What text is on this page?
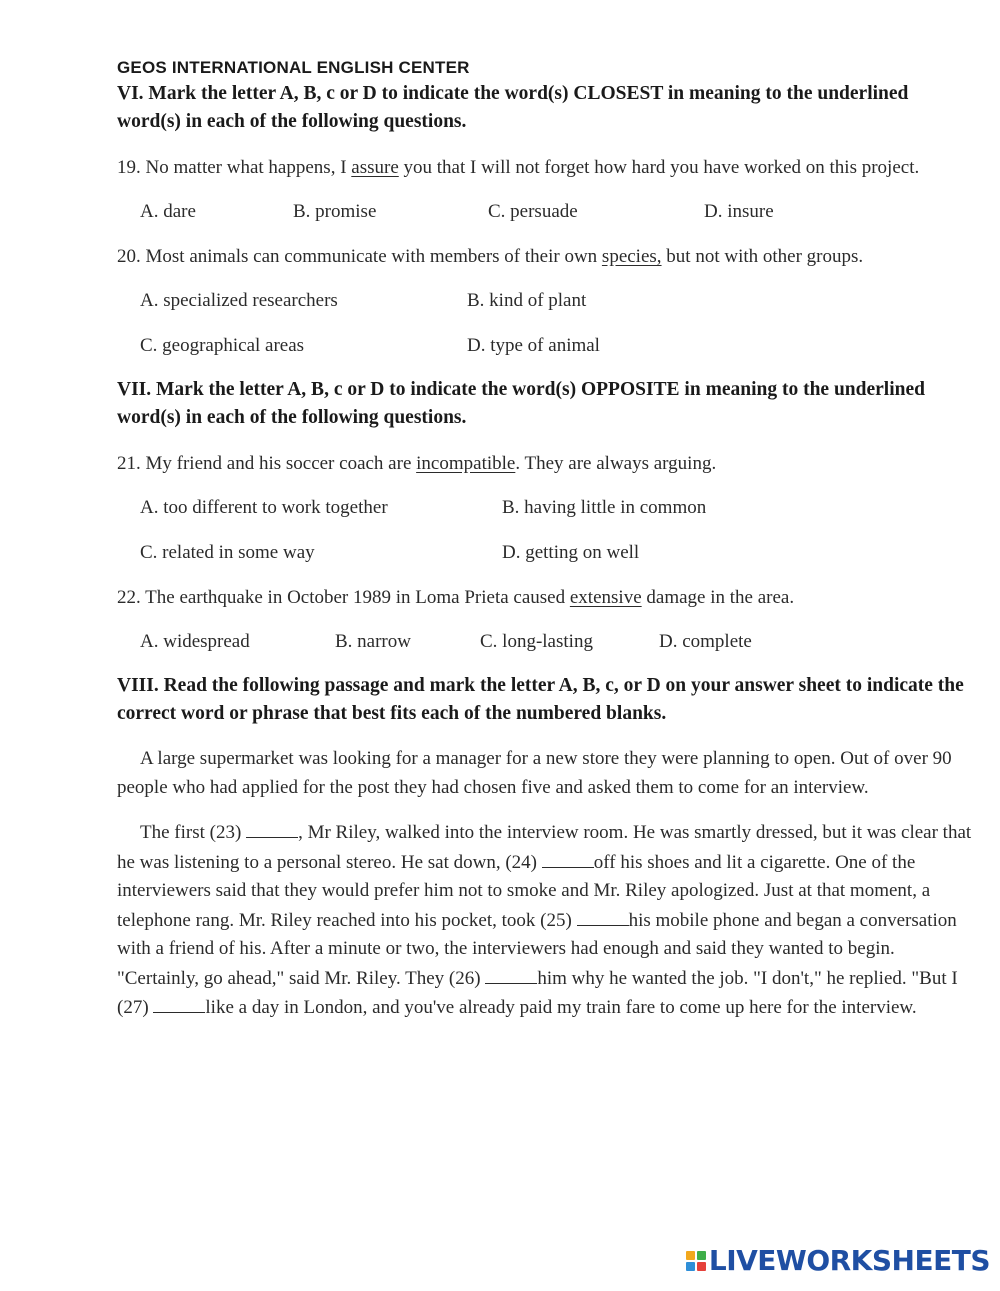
GEOS INTERNATIONAL ENGLISH CENTER
VI. Mark the letter A, B, c or D to indicate the word(s) CLOSEST in meaning to the underlined word(s) in each of the following questions.
19. No matter what happens, I assure you that I will not forget how hard you have worked on this project.
A. dare	B. promise	C. persuade	D. insure
20. Most animals can communicate with members of their own species, but not with other groups.
A. specialized researchers	B. kind of plant
C. geographical areas	D. type of animal
VII. Mark the letter A, B, c or D to indicate the word(s) OPPOSITE in meaning to the underlined word(s) in each of the following questions.
21. My friend and his soccer coach are incompatible. They are always arguing.
A. too different to work together	B. having little in common
C. related in some way	D. getting on well
22. The earthquake in October 1989 in Loma Prieta caused extensive damage in the area.
A. widespread	B. narrow	C. long-lasting	D. complete
VIII. Read the following passage and mark the letter A, B, c, or D on your answer sheet to indicate the correct word or phrase that best fits each of the numbered blanks.

A large supermarket was looking for a manager for a new store they were planning to open. Out of over 90 people who had applied for the post they had chosen five and asked them to come for an interview.

The first (23)	, Mr Riley, walked into the interview room. He was smartly dressed, but it was clear that he was listening to a personal stereo. He sat down, (24)	off his shoes and lit a cigarette. One of the interviewers said that they would prefer him not to smoke and Mr. Riley apologized. Just at that moment, a telephone rang. Mr. Riley reached into his pocket, took (25)	his mobile phone and began a conversation with a friend of his. After a minute or two, the interviewers had enough and said they wanted to begin. "Certainly, go ahead," said Mr. Riley. They (26)	him why he wanted the job. "I don't," he replied. "But I (27)	like a day in London, and you've already paid my train fare to come up here for the interview.

LIVEWORKSHEETS
